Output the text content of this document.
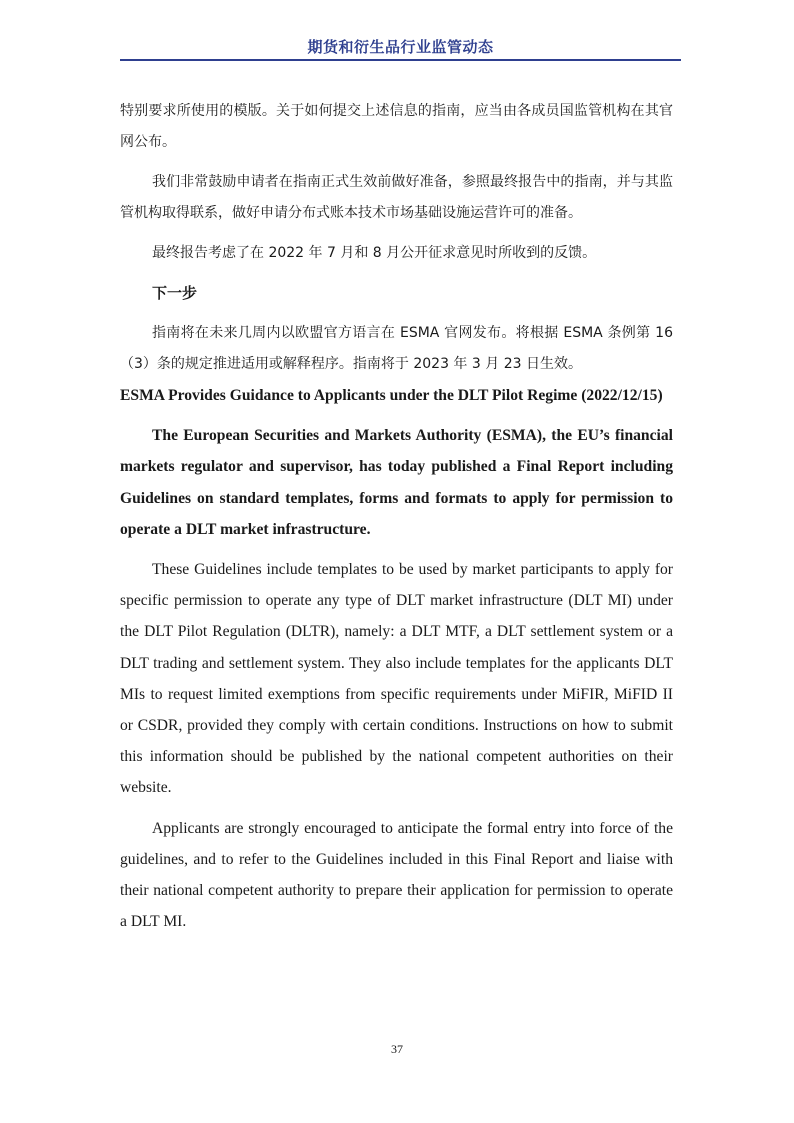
期货和衍生品行业监管动态

特别要求所使用的模版。关于如何提交上述信息的指南，应当由各成员国监管机构在其官网公布。

我们非常鼓励申请者在指南正式生效前做好准备，参照最终报告中的指南，并与其监管机构取得联系，做好申请分布式账本技术市场基础设施运营许可的准备。

最终报告考虑了在 2022 年 7 月和 8 月公开征求意见时所收到的反馈。

下一步

指南将在未来几周内以欧盟官方语言在 ESMA 官网发布。将根据 ESMA 条例第 16（3）条的规定推进适用或解释程序。指南将于 2023 年 3 月 23 日生效。

ESMA Provides Guidance to Applicants under the DLT Pilot Regime (2022/12/15)

The European Securities and Markets Authority (ESMA), the EU’s financial markets regulator and supervisor, has today published a Final Report including Guidelines on standard templates, forms and formats to apply for permission to operate a DLT market infrastructure.

These Guidelines include templates to be used by market participants to apply for specific permission to operate any type of DLT market infrastructure (DLT MI) under the DLT Pilot Regulation (DLTR), namely: a DLT MTF, a DLT settlement system or a DLT trading and settlement system. They also include templates for the applicants DLT MIs to request limited exemptions from specific requirements under MiFIR, MiFID II or CSDR, provided they comply with certain conditions. Instructions on how to submit this information should be published by the national competent authorities on their website.

Applicants are strongly encouraged to anticipate the formal entry into force of the guidelines, and to refer to the Guidelines included in this Final Report and liaise with their national competent authority to prepare their application for permission to operate a DLT MI.

37
